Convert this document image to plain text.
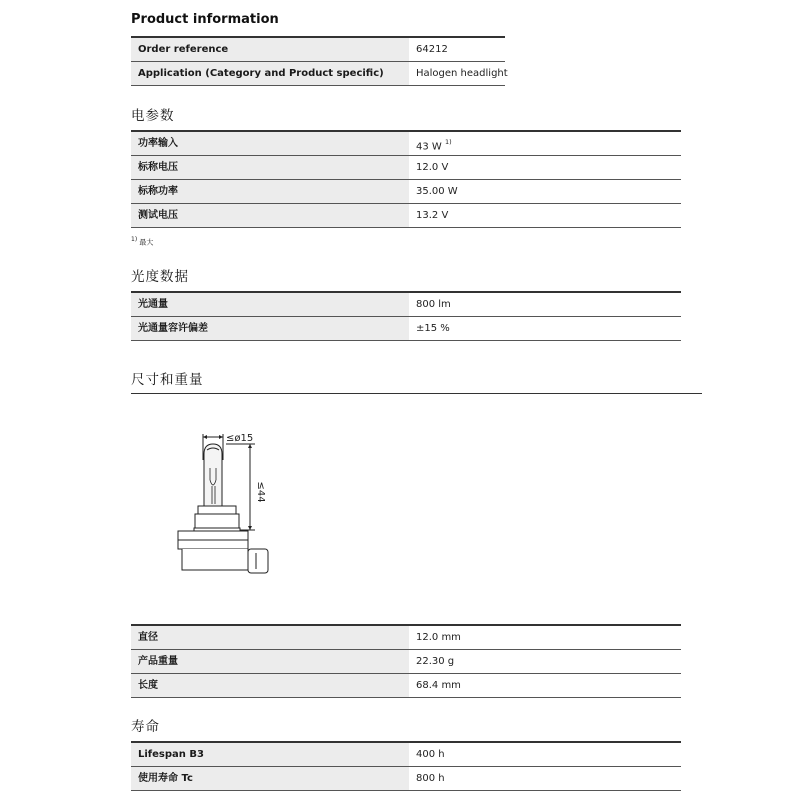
Product information
Order reference	64212
Application (Category and Product specific)	Halogen headlight
电参数
功率输入	43 W $^{1)}$
标称电压	12.0 V
标称功率	35.00 W
测试电压	13.2 V
$^{1)}$ 最大
光度数据
光通量	800 lm
光通量容许偏差	±15 %
尺寸和重量
≤ø15
≤44
直径	12.0 mm
产品重量	22.30 g
长度	68.4 mm
寿命
Lifespan B3	400 h
使用寿命 Tc	800 h
